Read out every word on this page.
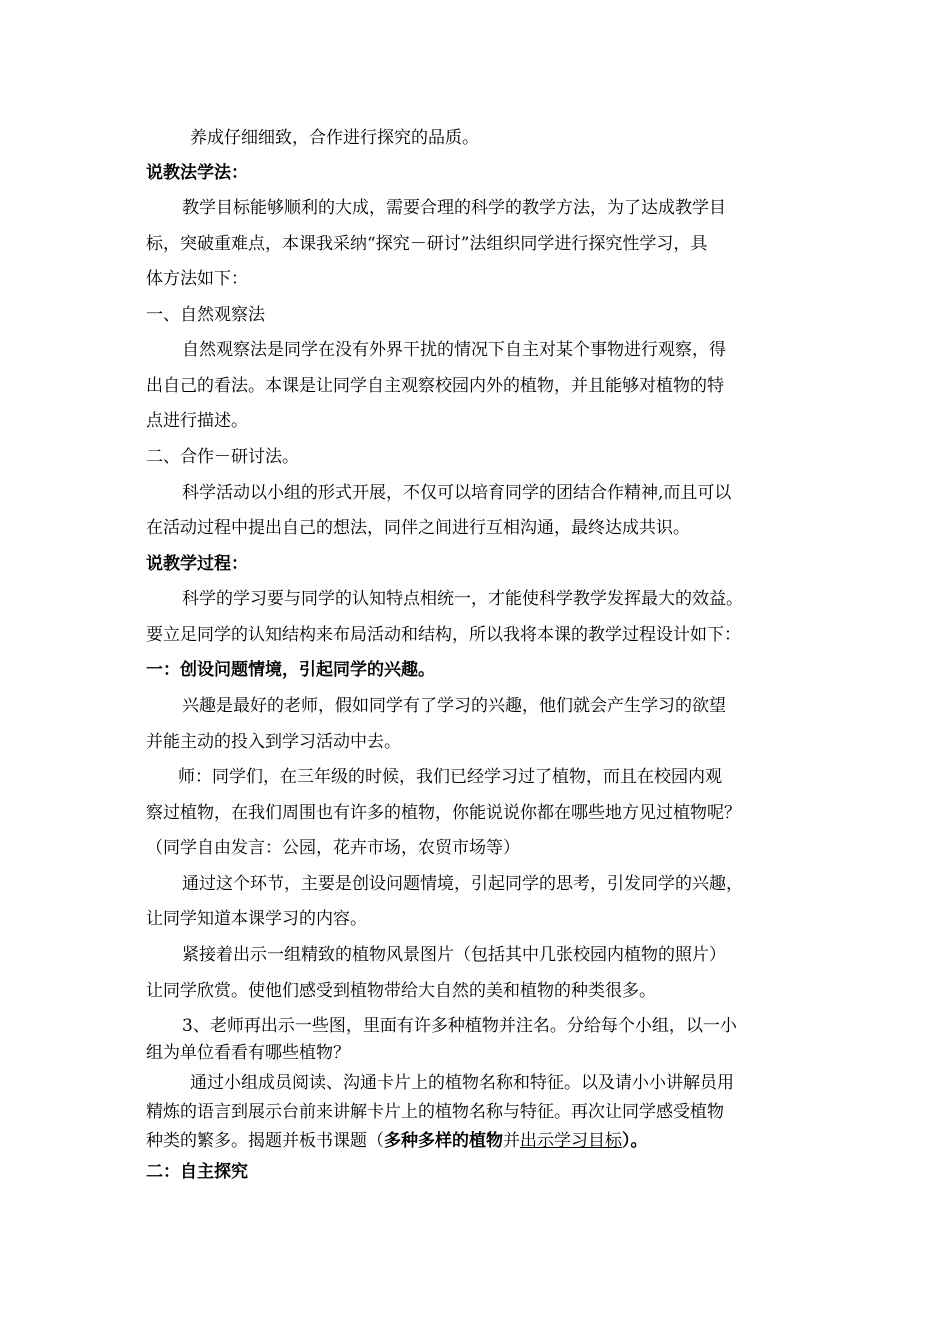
养成仔细细致，合作进行探究的品质。
说教法学法：
教学目标能够顺利的大成，需要合理的科学的教学方法，为了达成教学目
标，突破重难点，本课我采纳“探究－研讨”法组织同学进行探究性学习，具
体方法如下：
一、自然观察法
自然观察法是同学在没有外界干扰的情况下自主对某个事物进行观察，得
出自己的看法。本课是让同学自主观察校园内外的植物，并且能够对植物的特
点进行描述。
二、合作－研讨法。
科学活动以小组的形式开展，不仅可以培育同学的团结合作精神,而且可以
在活动过程中提出自己的想法，同伴之间进行互相沟通，最终达成共识。
说教学过程：
科学的学习要与同学的认知特点相统一，才能使科学教学发挥最大的效益。
要立足同学的认知结构来布局活动和结构，所以我将本课的教学过程设计如下：
一：创设问题情境，引起同学的兴趣。
兴趣是最好的老师，假如同学有了学习的兴趣，他们就会产生学习的欲望
并能主动的投入到学习活动中去。
师：同学们，在三年级的时候，我们已经学习过了植物，而且在校园内观
察过植物，在我们周围也有许多的植物，你能说说你都在哪些地方见过植物呢？
（同学自由发言：公园，花卉市场，农贸市场等）
通过这个环节，主要是创设问题情境，引起同学的思考，引发同学的兴趣，
让同学知道本课学习的内容。
紧接着出示一组精致的植物风景图片（包括其中几张校园内植物的照片）
让同学欣赏。使他们感受到植物带给大自然的美和植物的种类很多。
3、老师再出示一些图，里面有许多种植物并注名。分给每个小组，以一小
组为单位看看有哪些植物？
通过小组成员阅读、沟通卡片上的植物名称和特征。以及请小小讲解员用
精炼的语言到展示台前来讲解卡片上的植物名称与特征。再次让同学感受植物
种类的繁多。揭题并板书课题（多种多样的植物并出示学习目标）。
二：自主探究
